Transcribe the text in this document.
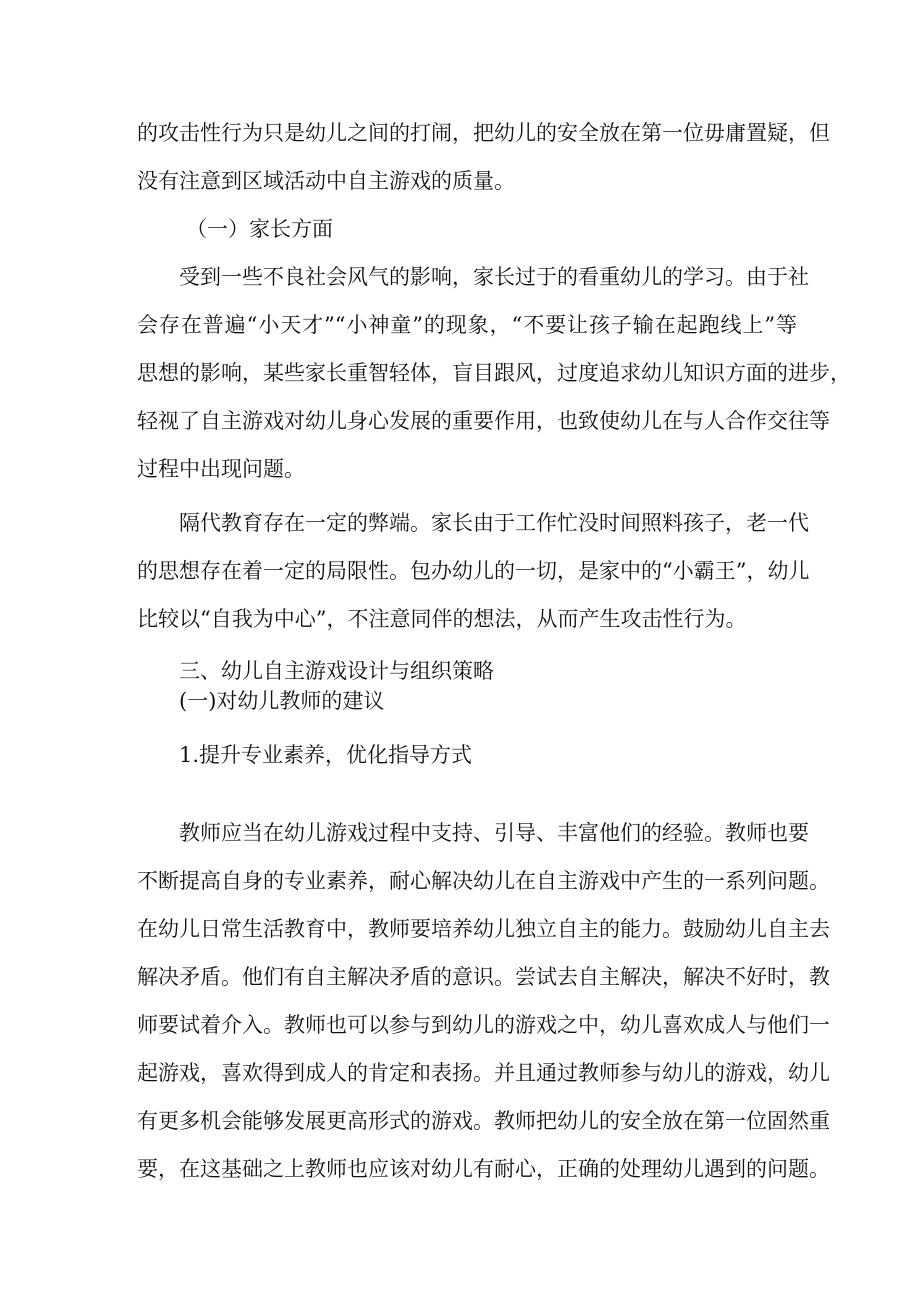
的攻击性行为只是幼儿之间的打闹，把幼儿的安全放在第一位毋庸置疑，但
没有注意到区域活动中自主游戏的质量。
（一）家长方面
受到一些不良社会风气的影响，家长过于的看重幼儿的学习。由于社
会存在普遍“小天才”“小神童”的现象，“不要让孩子输在起跑线上”等
思想的影响，某些家长重智轻体，盲目跟风，过度追求幼儿知识方面的进步，
轻视了自主游戏对幼儿身心发展的重要作用，也致使幼儿在与人合作交往等
过程中出现问题。
隔代教育存在一定的弊端。家长由于工作忙没时间照料孩子，老一代
的思想存在着一定的局限性。包办幼儿的一切，是家中的“小霸王”，幼儿
比较以“自我为中心”，不注意同伴的想法，从而产生攻击性行为。
三、幼儿自主游戏设计与组织策略
(一)对幼儿教师的建议
1.提升专业素养，优化指导方式
教师应当在幼儿游戏过程中支持、引导、丰富他们的经验。教师也要
不断提高自身的专业素养，耐心解决幼儿在自主游戏中产生的一系列问题。
在幼儿日常生活教育中，教师要培养幼儿独立自主的能力。鼓励幼儿自主去
解决矛盾。他们有自主解决矛盾的意识。尝试去自主解决，解决不好时，教
师要试着介入。教师也可以参与到幼儿的游戏之中，幼儿喜欢成人与他们一
起游戏，喜欢得到成人的肯定和表扬。并且通过教师参与幼儿的游戏，幼儿
有更多机会能够发展更高形式的游戏。教师把幼儿的安全放在第一位固然重
要，在这基础之上教师也应该对幼儿有耐心，正确的处理幼儿遇到的问题。
